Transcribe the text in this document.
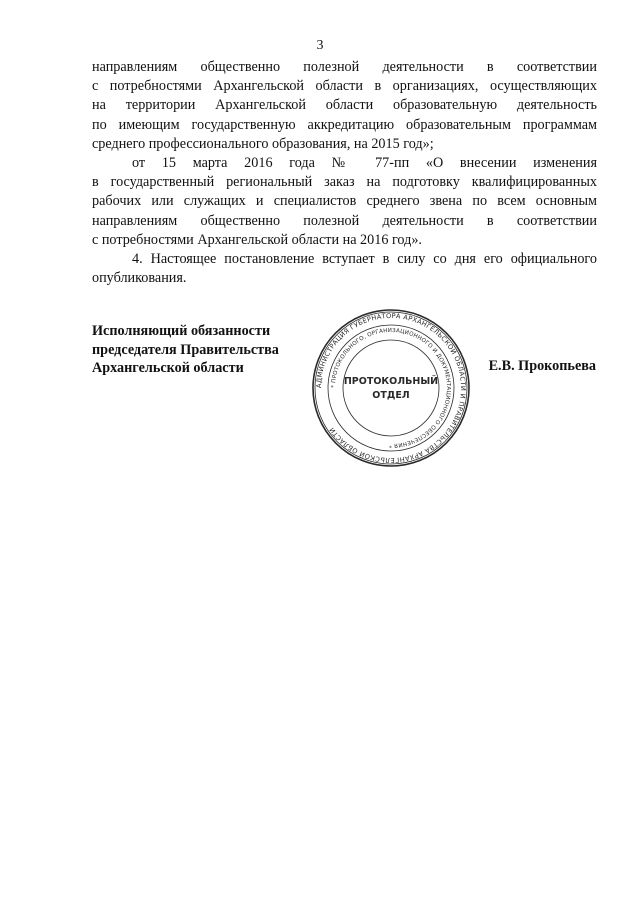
3

направлениям общественно полезной деятельности в соответствии
с потребностями Архангельской области в организациях, осуществляющих
на территории Архангельской области образовательную деятельность
по имеющим государственную аккредитацию образовательным программам
среднего профессионального образования, на 2015 год»;

от 15 марта 2016 года № 77-пп «О внесении изменения
в государственный региональный заказ на подготовку квалифицированных
рабочих или служащих и специалистов среднего звена по всем основным
направлениям общественно полезной деятельности в соответствии
с потребностями Архангельской области на 2016 год».

4. Настоящее постановление вступает в силу со дня его официального
опубликования.

Исполняющий обязанности
председателя Правительства
Архангельской области
АДМИНИСТРАЦИЯ ГУБЕРНАТОРА АРХАНГЕЛЬСКОЙ ОБЛАСТИ И ПРАВИТЕЛЬСТВА АРХАНГЕЛЬСКОЙ ОБЛАСТИ
* ПРОТОКОЛЬНОГО, ОРГАНИЗАЦИОННОГО И ДОКУМЕНТАЦИОННОГО ОБЕСПЕЧЕНИЯ *
ПРОТОКОЛЬНЫЙ
ОТДЕЛ
Е.В. Прокопьева
